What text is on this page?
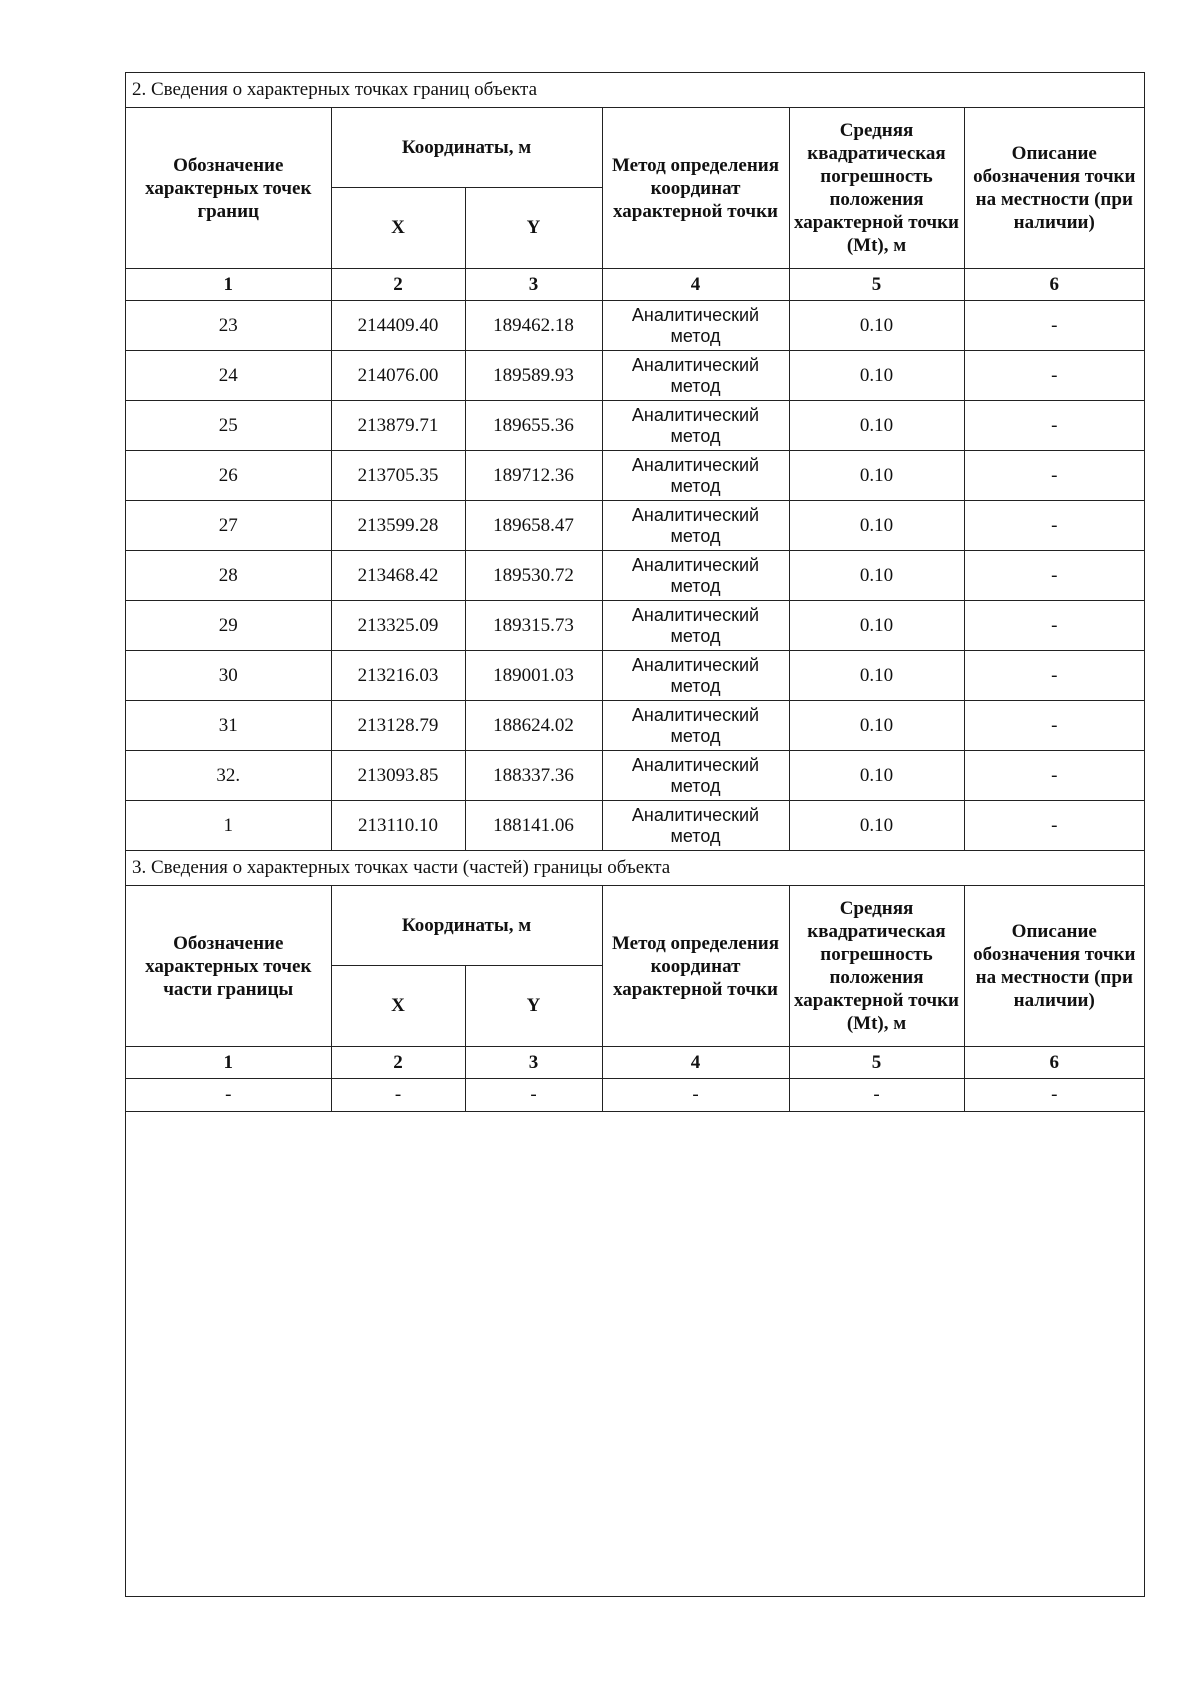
2. Сведения о характерных точках границ объекта					
Обозначение характерных точек границ	Координаты, м		Метод определения координат характерной точки	Средняя квадратическая погрешность положения характерной точки (Mt), м	Описание обозначения точки на местности (при наличии)
	X	Y			
1	2	3	4	5	6
23	214409.40	189462.18	Аналитический метод	0.10	-
24	214076.00	189589.93	Аналитический метод	0.10	-
25	213879.71	189655.36	Аналитический метод	0.10	-
26	213705.35	189712.36	Аналитический метод	0.10	-
27	213599.28	189658.47	Аналитический метод	0.10	-
28	213468.42	189530.72	Аналитический метод	0.10	-
29	213325.09	189315.73	Аналитический метод	0.10	-
30	213216.03	189001.03	Аналитический метод	0.10	-
31	213128.79	188624.02	Аналитический метод	0.10	-
32.	213093.85	188337.36	Аналитический метод	0.10	-
1	213110.10	188141.06	Аналитический метод	0.10	-
3. Сведения о характерных точках части (частей) границы объекта					
Обозначение характерных точек части границы	Координаты, м		Метод определения координат характерной точки	Средняя квадратическая погрешность положения характерной точки (Mt), м	Описание обозначения точки на местности (при наличии)
	X	Y			
1	2	3	4	5	6
-	-	-	-	-	-
